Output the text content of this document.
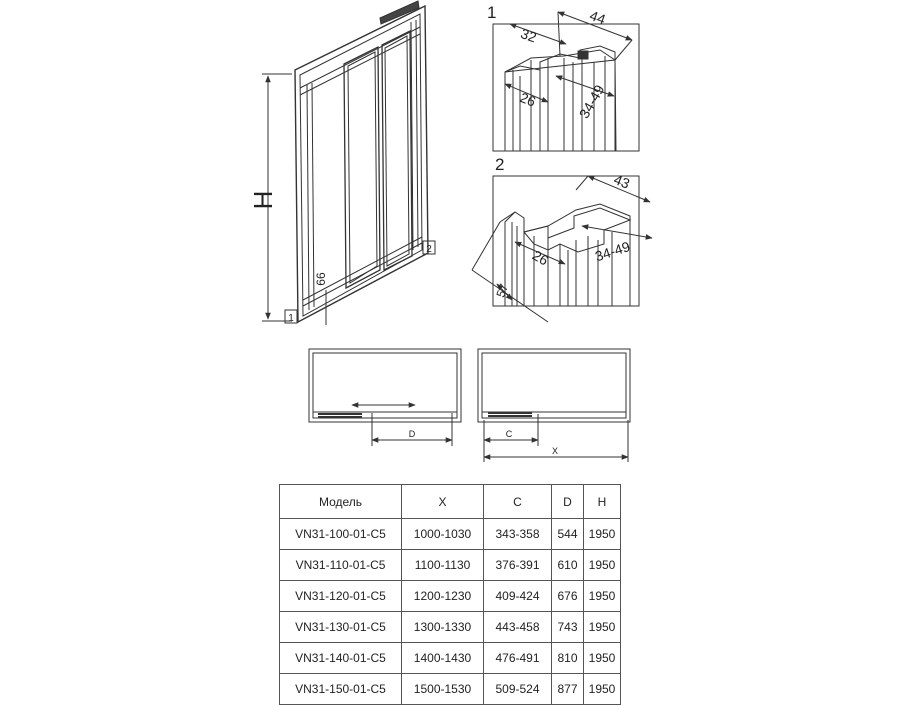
1
2
H
66
1	44
32
26	34-49
2
43
26	34-49
57
D	C
X
Модель	X	C	D	H
VN31-100-01-C5	1000-1030	343-358	544	1950
VN31-110-01-C5	1100-1130	376-391	610	1950
VN31-120-01-C5	1200-1230	409-424	676	1950
VN31-130-01-C5	1300-1330	443-458	743	1950
VN31-140-01-C5	1400-1430	476-491	810	1950
VN31-150-01-C5	1500-1530	509-524	877	1950
